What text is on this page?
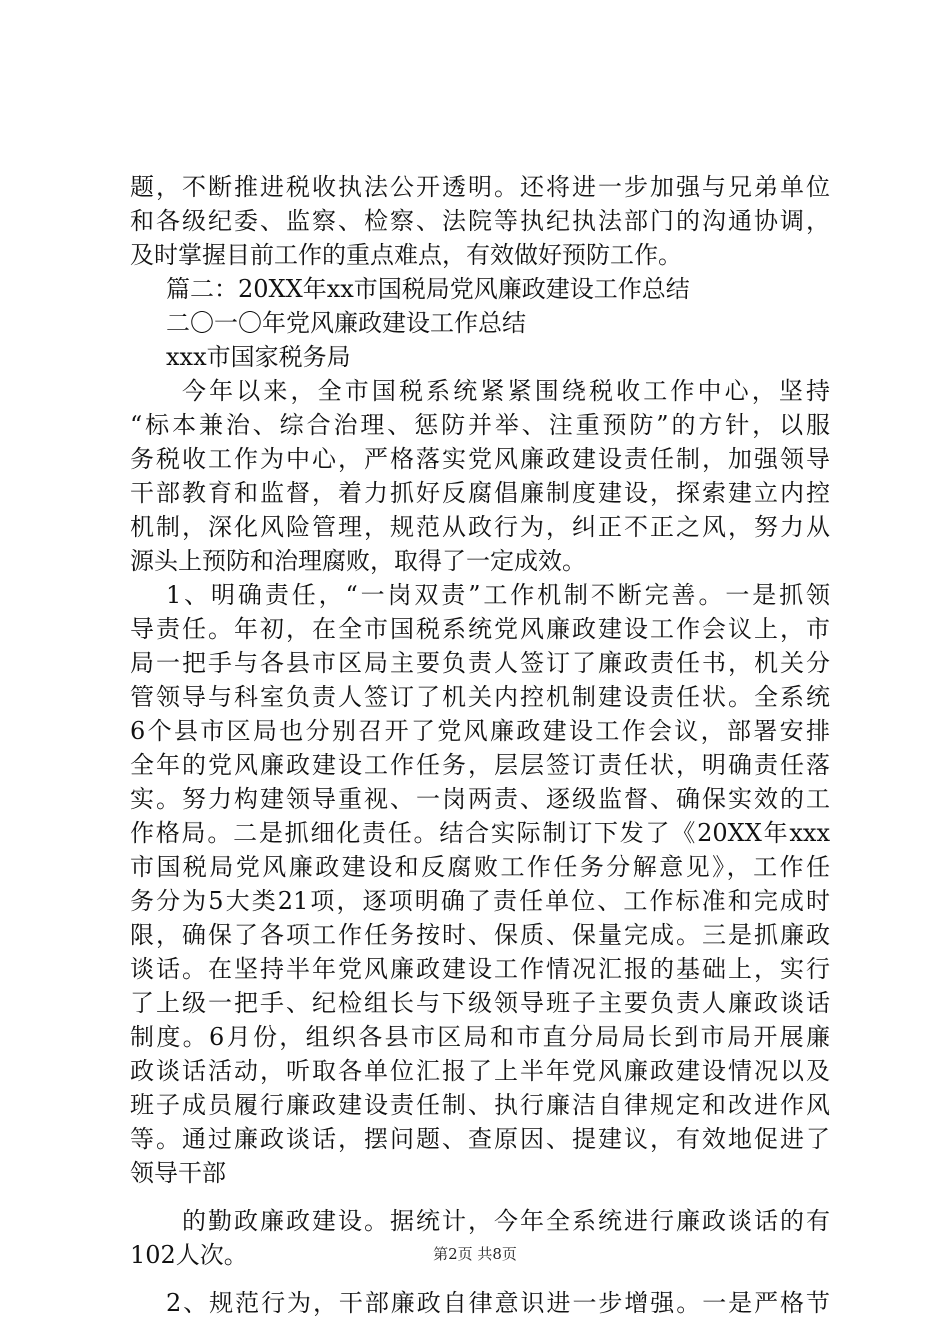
题，不断推进税收执法公开透明。还将进一步加强与兄弟单位
和各级纪委、监察、检察、法院等执纪执法部门的沟通协调，
及时掌握目前工作的重点难点，有效做好预防工作。
篇二：20XX年xx市国税局党风廉政建设工作总结
二〇一〇年党风廉政建设工作总结
xxx市国家税务局
今年以来，全市国税系统紧紧围绕税收工作中心，坚持
“标本兼治、综合治理、惩防并举、注重预防”的方针，以服
务税收工作为中心，严格落实党风廉政建设责任制，加强领导
干部教育和监督，着力抓好反腐倡廉制度建设，探索建立内控
机制，深化风险管理，规范从政行为，纠正不正之风，努力从
源头上预防和治理腐败，取得了一定成效。
1、明确责任，“一岗双责”工作机制不断完善。一是抓领
导责任。年初，在全市国税系统党风廉政建设工作会议上，市
局一把手与各县市区局主要负责人签订了廉政责任书，机关分
管领导与科室负责人签订了机关内控机制建设责任状。全系统
6个县市区局也分别召开了党风廉政建设工作会议，部署安排
全年的党风廉政建设工作任务，层层签订责任状，明确责任落
实。努力构建领导重视、一岗两责、逐级监督、确保实效的工
作格局。二是抓细化责任。结合实际制订下发了《20XX年xxx
市国税局党风廉政建设和反腐败工作任务分解意见》，工作任
务分为5大类21项，逐项明确了责任单位、工作标准和完成时
限，确保了各项工作任务按时、保质、保量完成。三是抓廉政
谈话。在坚持半年党风廉政建设工作情况汇报的基础上，实行
了上级一把手、纪检组长与下级领导班子主要负责人廉政谈话
制度。6月份，组织各县市区局和市直分局局长到市局开展廉
政谈话活动，听取各单位汇报了上半年党风廉政建设情况以及
班子成员履行廉政建设责任制、执行廉洁自律规定和改进作风
等。通过廉政谈话，摆问题、查原因、提建议，有效地促进了
领导干部
的勤政廉政建设。据统计，今年全系统进行廉政谈话的有
102人次。
2、规范行为，干部廉政自律意识进一步增强。一是严格节
第2页 共8页
